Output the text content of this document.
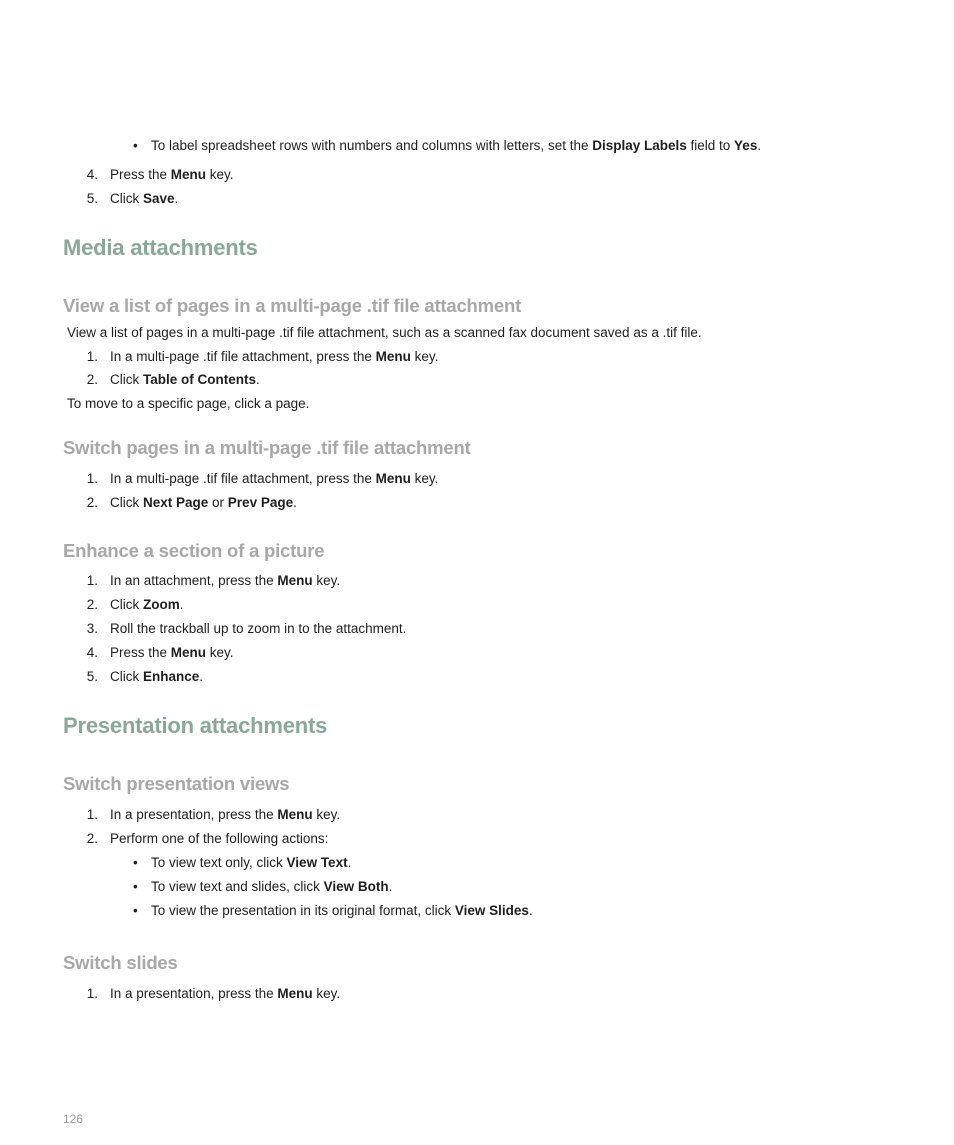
• To label spreadsheet rows with numbers and columns with letters, set the Display Labels field to Yes.
4. Press the Menu key.
5. Click Save.
Media attachments
View a list of pages in a multi-page .tif file attachment
View a list of pages in a multi-page .tif file attachment, such as a scanned fax document saved as a .tif file.
1. In a multi-page .tif file attachment, press the Menu key.
2. Click Table of Contents.
To move to a specific page, click a page.
Switch pages in a multi-page .tif file attachment
1. In a multi-page .tif file attachment, press the Menu key.
2. Click Next Page or Prev Page.
Enhance a section of a picture
1. In an attachment, press the Menu key.
2. Click Zoom.
3. Roll the trackball up to zoom in to the attachment.
4. Press the Menu key.
5. Click Enhance.
Presentation attachments
Switch presentation views
1. In a presentation, press the Menu key.
2. Perform one of the following actions:
• To view text only, click View Text.
• To view text and slides, click View Both.
• To view the presentation in its original format, click View Slides.
Switch slides
1. In a presentation, press the Menu key.
126
